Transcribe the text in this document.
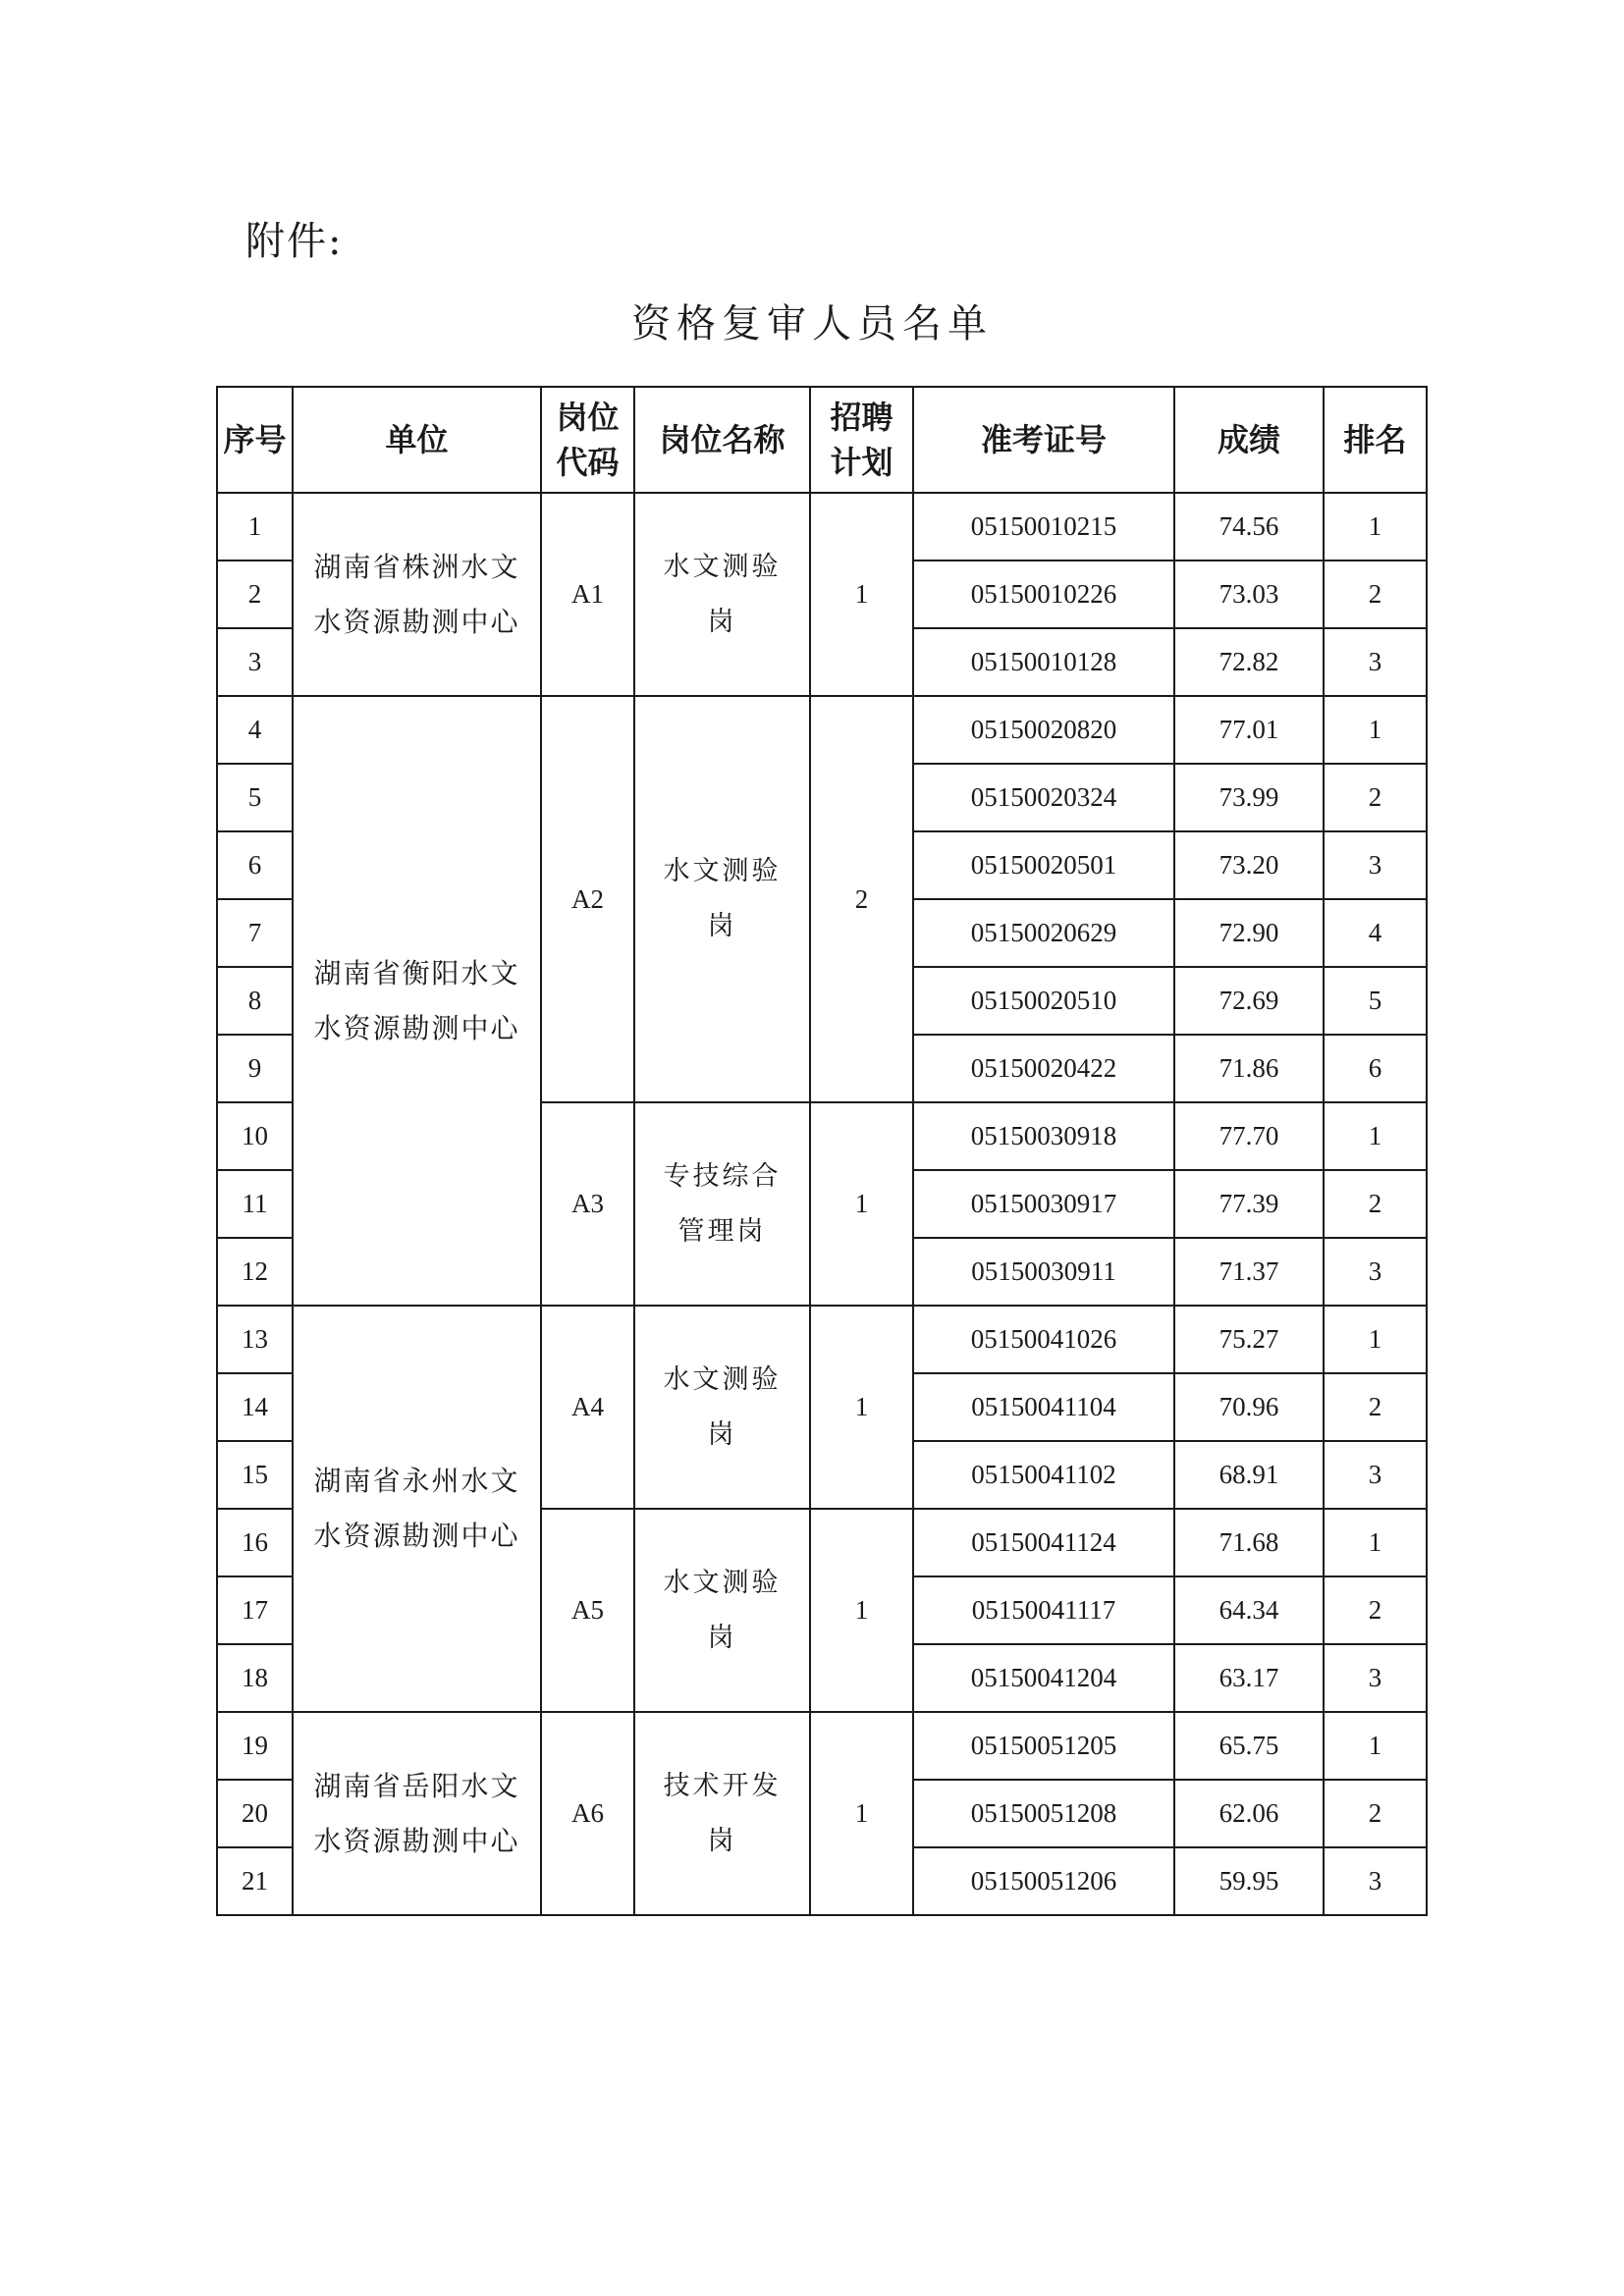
附件:
资格复审人员名单
序号	单位	岗位代码	岗位名称	招聘计划	准考证号	成绩	排名
1	湖南省株洲水文水资源勘测中心	A1	水文测验岗	1	05150010215	74.56	1
2					05150010226	73.03	2
3					05150010128	72.82	3
4	湖南省衡阳水文水资源勘测中心	A2	水文测验岗	2	05150020820	77.01	1
5					05150020324	73.99	2
6					05150020501	73.20	3
7					05150020629	72.90	4
8					05150020510	72.69	5
9					05150020422	71.86	6
10		A3	专技综合管理岗	1	05150030918	77.70	1
11					05150030917	77.39	2
12					05150030911	71.37	3
13	湖南省永州水文水资源勘测中心	A4	水文测验岗	1	05150041026	75.27	1
14					05150041104	70.96	2
15					05150041102	68.91	3
16		A5	水文测验岗	1	05150041124	71.68	1
17					05150041117	64.34	2
18					05150041204	63.17	3
19	湖南省岳阳水文水资源勘测中心	A6	技术开发岗	1	05150051205	65.75	1
20					05150051208	62.06	2
21					05150051206	59.95	3
